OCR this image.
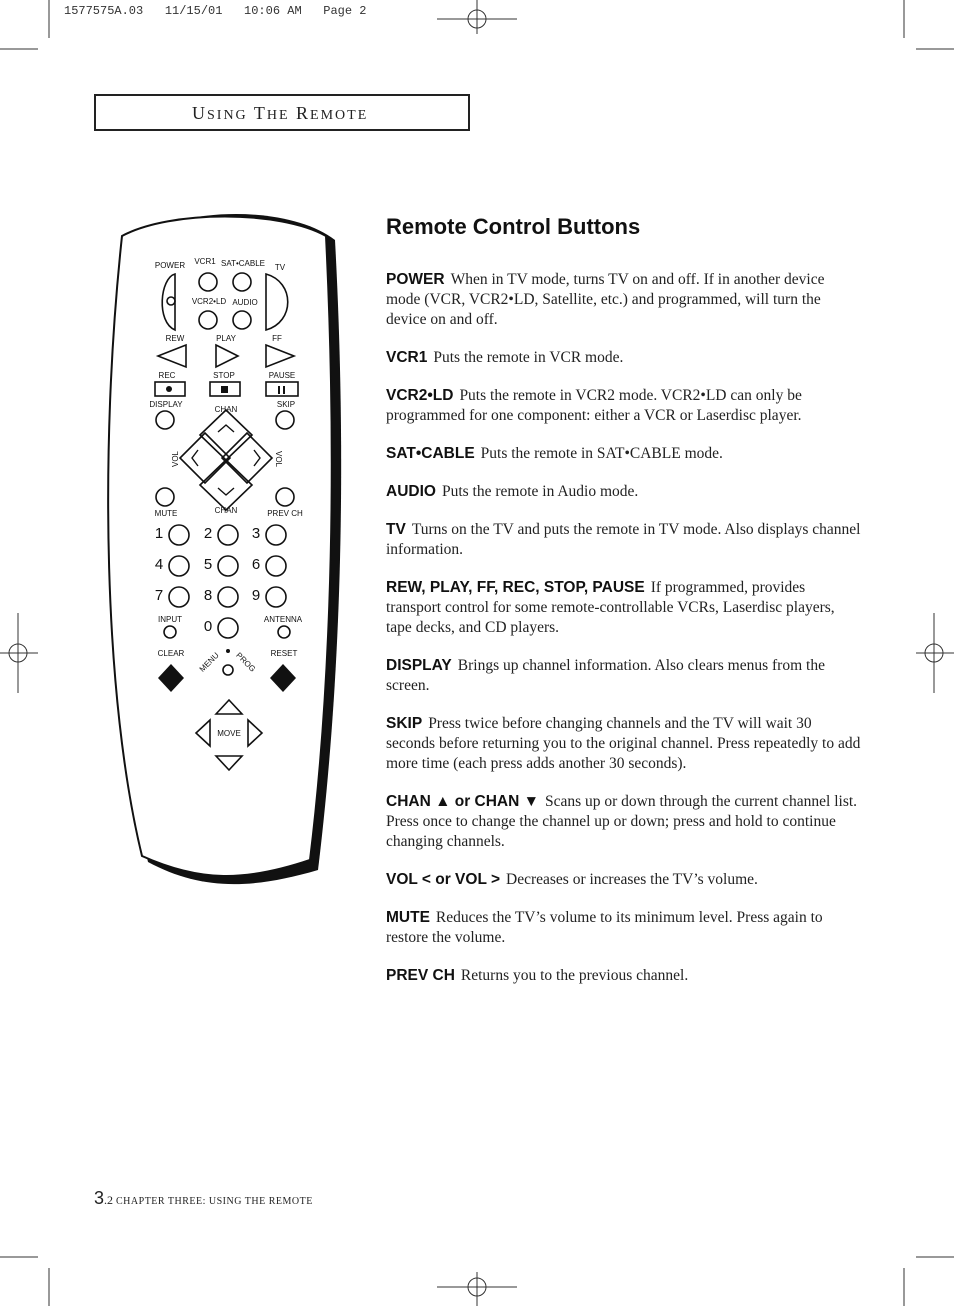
1577575A.03   11/15/01   10:06 AM   Page 2
USING THE REMOTE
POWER VCR1 SAT•CABLE TV
VCR2•LD AUDIO
REW	PLAY	FF
REC	STOP	PAUSE
DISPLAY
CHAN
SKIP
VOL	VOL
MUTE	CHAN	PREV CH
INPUT	ANTENNA
CLEAR MENU PROG RESET
MOVE
1	2	3
4	5	6
7	8	9
0
Remote Control Buttons

POWER When in TV mode, turns TV on and off. If in another device mode (VCR, VCR2•LD, Satellite, etc.) and programmed, will turn the device on and off.

VCR1 Puts the remote in VCR mode.

VCR2•LD Puts the remote in VCR2 mode. VCR2•LD can only be programmed for one component: either a VCR or Laserdisc player.

SAT•CABLE Puts the remote in SAT•CABLE mode.

AUDIO Puts the remote in Audio mode.

TV Turns on the TV and puts the remote in TV mode. Also displays channel information.

REW, PLAY, FF, REC, STOP, PAUSE If programmed, provides transport control for some remote-controllable VCRs, Laserdisc players, tape decks, and CD players.

DISPLAY Brings up channel information. Also clears menus from the screen.

SKIP Press twice before changing channels and the TV will wait 30 seconds before returning you to the original channel. Press repeatedly to add more time (each press adds another 30 seconds).

CHAN ▲ or CHAN ▼ Scans up or down through the current channel list. Press once to change the channel up or down; press and hold to continue changing channels.

VOL < or VOL > Decreases or increases the TV’s volume.

MUTE Reduces the TV’s volume to its minimum level. Press again to restore the volume.

PREV CH Returns you to the previous channel.

3.2 CHAPTER THREE: USING THE REMOTE
